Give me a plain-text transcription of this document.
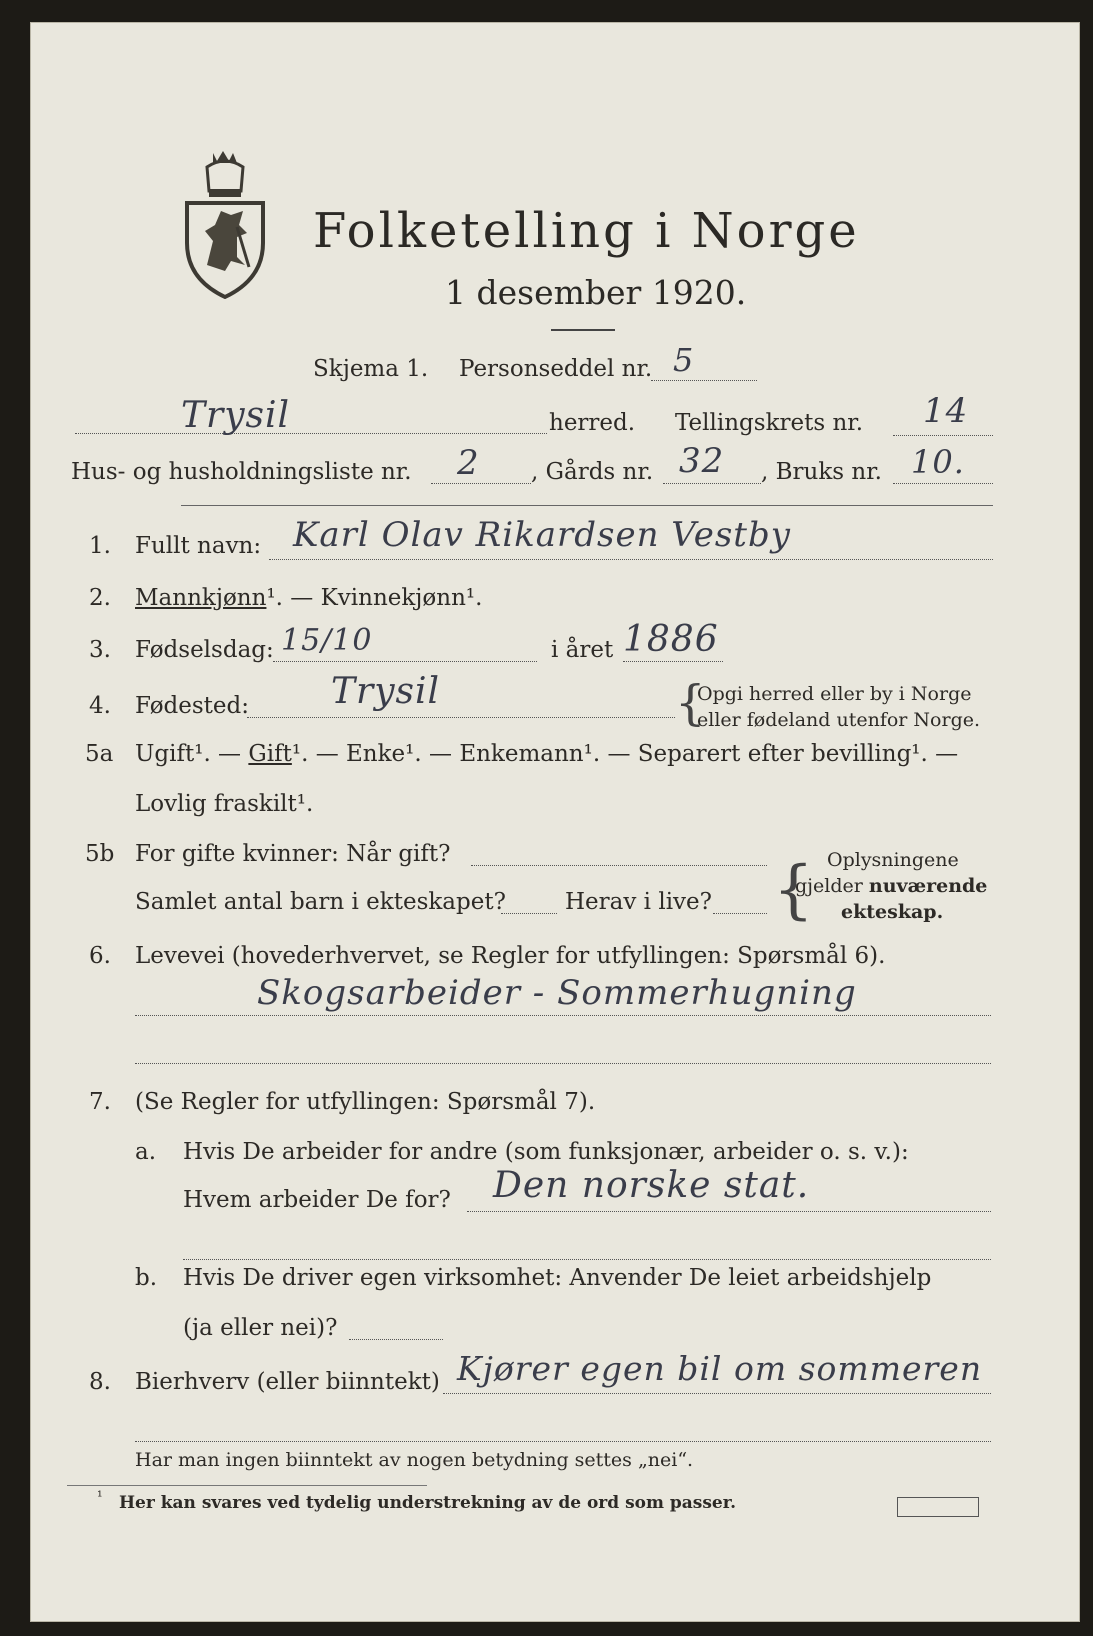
Folketelling i Norge
1 desember 1920.
Skjema 1. Personseddel nr. 5
Trysil	herred. Tellingskrets nr. 14
Hus- og husholdningsliste nr. 2 , Gårds nr. 32 , Bruks nr. 10.
1. Fullt navn: Karl Olav Rikardsen Vestby
2. Mannkjønn¹. — Kvinnekjønn¹.
3. Fødselsdag: 15/10	i året 1886
4. Fødested: Trysil	{
Opgi herred eller by i Norge
eller fødeland utenfor Norge.
5a Ugift¹. — Gift¹. — Enke¹. — Enkemann¹. — Separert efter bevilling¹. —
Lovlig fraskilt¹.
5b For gifte kvinner: Når gift?
Samlet antal barn i ekteskapet?	Herav i live? { Oplysningene
gjelder nuværende
ekteskap.
6. Levevei (hovederhvervet, se Regler for utfyllingen: Spørsmål 6).
Skogsarbeider - Sommerhugning
7. (Se Regler for utfyllingen: Spørsmål 7).
a. Hvis De arbeider for andre (som funksjonær, arbeider o. s. v.):
Hvem arbeider De for? Den norske stat.
b. Hvis De driver egen virksomhet: Anvender De leiet arbeidshjelp
(ja eller nei)?
8. Bierhverv (eller biinntekt) Kjører egen bil om sommeren
Har man ingen biinntekt av nogen betydning settes „nei“.
¹ Her kan svares ved tydelig understrekning av de ord som passer.
